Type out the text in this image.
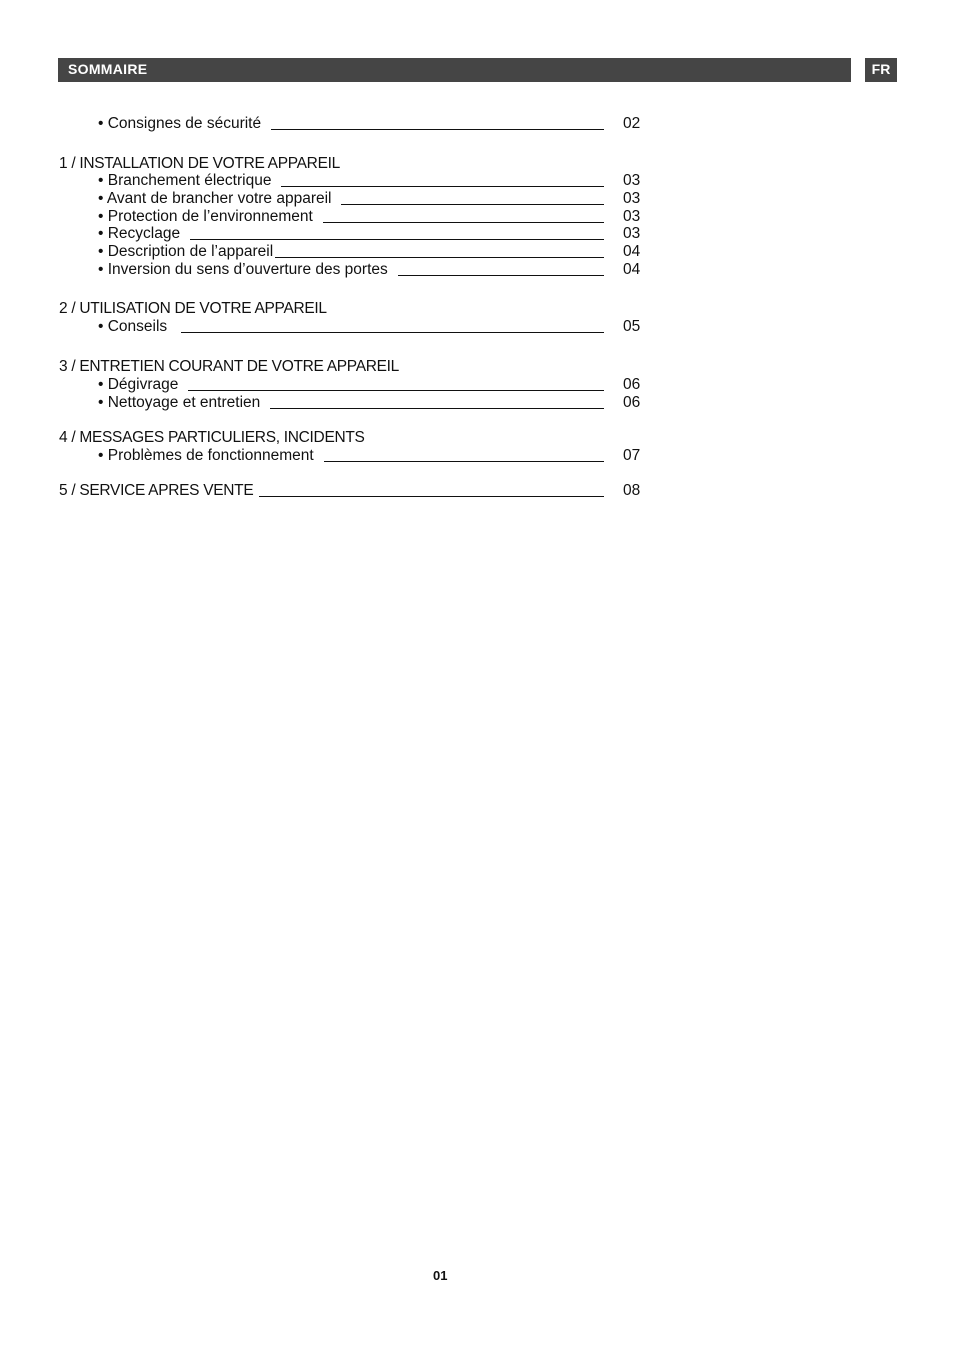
SOMMAIRE	FR
• Consignes de sécurité	02
1 / INSTALLATION DE VOTRE APPAREIL
• Branchement électrique	03
• Avant de brancher votre appareil	03
• Protection de l’environnement	03
• Recyclage	03
• Description de l’appareil	04
• Inversion du sens d’ouverture des portes	04
2 / UTILISATION DE VOTRE APPAREIL
• Conseils	05
3 / ENTRETIEN COURANT DE VOTRE APPAREIL
• Dégivrage	06
• Nettoyage et entretien	06
4 / MESSAGES PARTICULIERS, INCIDENTS
• Problèmes de fonctionnement	07
5 / SERVICE APRES VENTE	08
01
